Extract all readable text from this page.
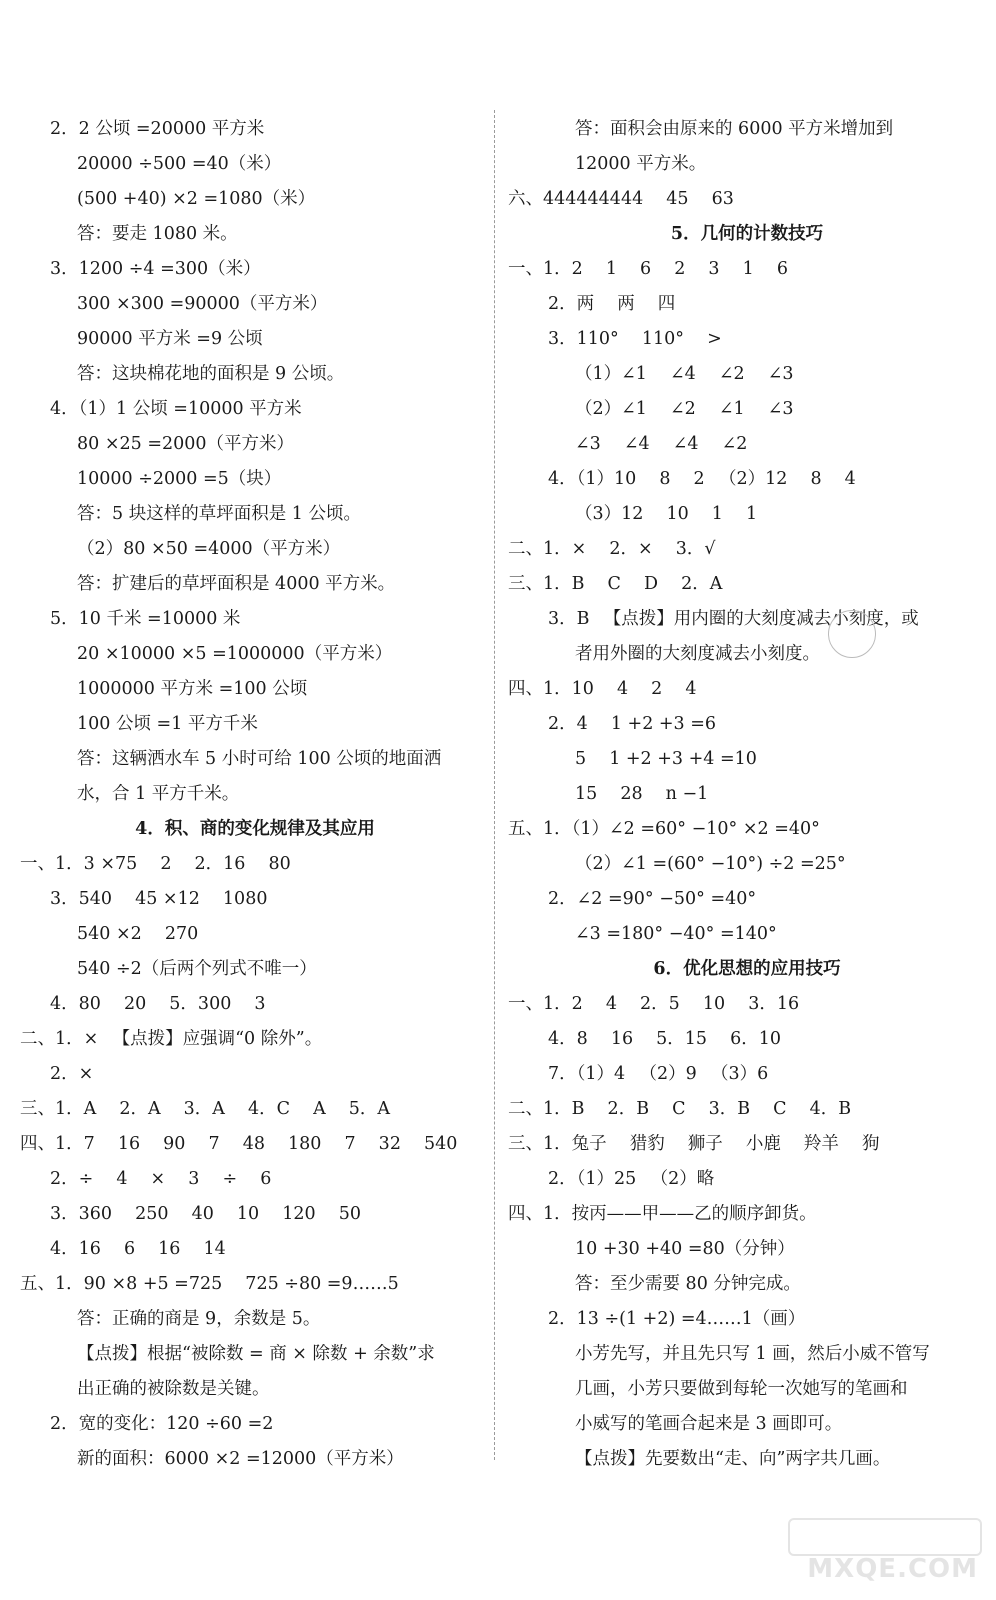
2．2 公顷 =20000 平方米
20000 ÷500 =40（米）
(500 +40) ×2 =1080（米）
答：要走 1080 米。
3．1200 ÷4 =300（米）
300 ×300 =90000（平方米）
90000 平方米 =9 公顷
答：这块棉花地的面积是 9 公顷。
4．（1）1 公顷 =10000 平方米
80 ×25 =2000（平方米）
10000 ÷2000 =5（块）
答：5 块这样的草坪面积是 1 公顷。
（2）80 ×50 =4000（平方米）
答：扩建后的草坪面积是 4000 平方米。
5．10 千米 =10000 米
20 ×10000 ×5 =1000000（平方米）
1000000 平方米 =100 公顷
100 公顷 =1 平方千米
答：这辆洒水车 5 小时可给 100 公顷的地面洒
水，合 1 平方千米。
4．积、商的变化规律及其应用
一、1．3 ×75 　2 　2．16 　80
3．540 　45 ×12 　1080
540 ×2 　270
540 ÷2（后两个列式不唯一）
4．80 　20 　5．300 　3
二、1．× 　【点拨】应强调“0 除外”。
2．×
三、1．A 　2．A 　3．A 　4．C 　A 　5．A
四、1．7 　16 　90 　7 　48 　180 　7 　32 　540
2．÷ 　4 　× 　3 　÷ 　6
3．360 　250 　40 　10 　120 　50
4．16 　6 　16 　14
五、1．90 ×8 +5 =725 　725 ÷80 =9……5
答：正确的商是 9，余数是 5。
【点拨】根据“被除数 = 商 × 除数 + 余数”求
出正确的被除数是关键。
2．宽的变化：120 ÷60 =2
新的面积：6000 ×2 =12000（平方米）
答：面积会由原来的 6000 平方米增加到
12000 平方米。
六、444444444 　45 　63
5．几何的计数技巧
一、1．2 　1 　6 　2 　3 　1 　6
2．两 　两 　四
3．110° 　110° 　>
（1）∠1 　∠4 　∠2 　∠3
（2）∠1 　∠2 　∠1 　∠3
∠3 　∠4 　∠4 　∠2
4．（1）10 　8 　2 　（2）12 　8 　4
（3）12 　10 　1 　1
二、1．× 　2．× 　3．√
三、1．B 　C 　D 　2．A
3．B 　【点拨】用内圈的大刻度减去小刻度，或
者用外圈的大刻度减去小刻度。
四、1．10 　4 　2 　4
2．4 　1 +2 +3 =6
5 　1 +2 +3 +4 =10
15 　28 　n −1
五、1．（1）∠2 =60° −10° ×2 =40°
（2）∠1 =(60° −10°) ÷2 =25°
2．∠2 =90° −50° =40°
∠3 =180° −40° =140°
6．优化思想的应用技巧
一、1．2 　4 　2．5 　10 　3．16
4．8 　16 　5．15 　6．10
7．（1）4 　（2）9 　（3）6
二、1．B 　2．B 　C 　3．B 　C 　4．B
三、1．兔子 　猎豹 　狮子 　小鹿 　羚羊 　狗
2．（1）25 　（2）略
四、1．按丙——甲——乙的顺序卸货。
10 +30 +40 =80（分钟）
答：至少需要 80 分钟完成。
2．13 ÷(1 +2) =4……1（画）
小芳先写，并且先只写 1 画，然后小威不管写
几画，小芳只要做到每轮一次她写的笔画和
小威写的笔画合起来是 3 画即可。
【点拨】先要数出“走、向”两字共几画。
MXQE.COM
